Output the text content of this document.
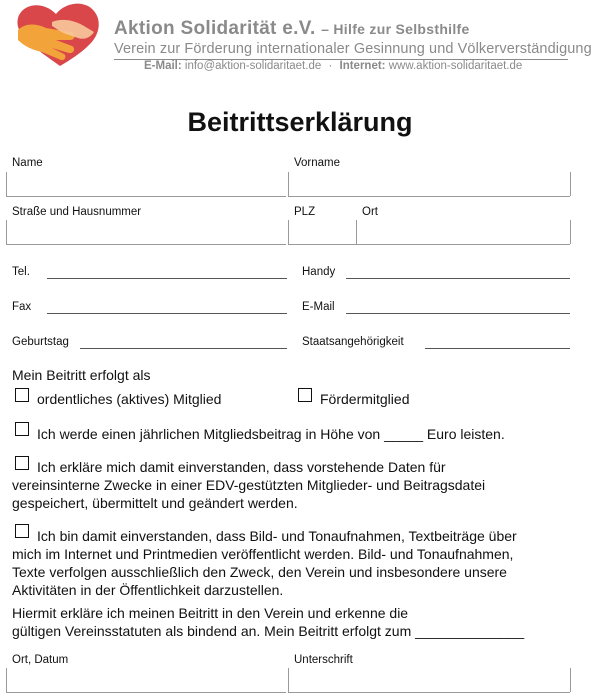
Aktion Solidarität e.V. – Hilfe zur Selbsthilfe
Verein zur Förderung internationaler Gesinnung und Völkerverständigung
E-Mail: info@aktion-solidaritaet.de · Internet: www.aktion-solidaritaet.de
Beitrittserklärung
Name	Vorname
Straße und Hausnummer	PLZ	Ort
Tel.	Handy
Fax	E-Mail
Geburtstag	Staatsangehörigkeit
Mein Beitritt erfolgt als
ordentliches (aktives) Mitglied	Fördermitglied
Ich werde einen jährlichen Mitgliedsbeitrag in Höhe von _____ Euro leisten.
Ich erkläre mich damit einverstanden, dass vorstehende Daten für
vereinsinterne Zwecke in einer EDV-gestützten Mitglieder- und Beitragsdatei
gespeichert, übermittelt und geändert werden.
Ich bin damit einverstanden, dass Bild- und Tonaufnahmen, Textbeiträge über
mich im Internet und Printmedien veröffentlicht werden. Bild- und Tonaufnahmen,
Texte verfolgen ausschließlich den Zweck, den Verein und insbesondere unsere
Aktivitäten in der Öffentlichkeit darzustellen.
Hiermit erkläre ich meinen Beitritt in den Verein und erkenne die
gültigen Vereinsstatuten als bindend an. Mein Beitritt erfolgt zum ______________
Ort, Datum	Unterschrift
